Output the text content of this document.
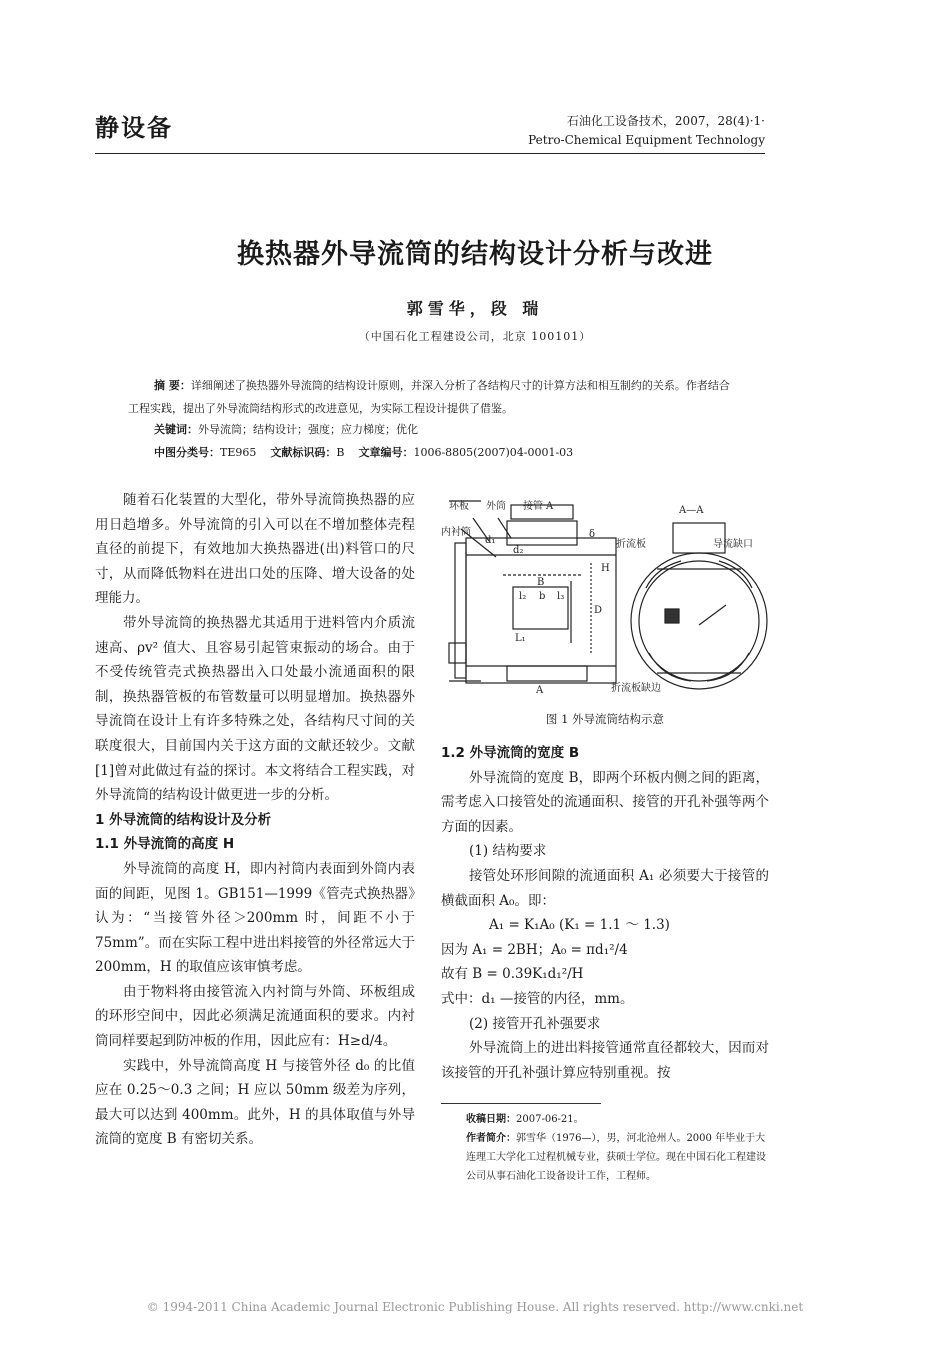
静设备	石油化工设备技术，2007，28(4)·1·
Petro-Chemical Equipment Technology
换热器外导流筒的结构设计分析与改进
郭雪华，段 瑞
（中国石化工程建设公司，北京 100101）
摘 要：详细阐述了换热器外导流筒的结构设计原则，并深入分析了各结构尺寸的计算方法和相互制约的关系。作者结合工程实践，提出了外导流筒结构形式的改进意见，为实际工程设计提供了借鉴。
关键词：外导流筒；结构设计；强度；应力梯度；优化
中图分类号：TE965 文献标识码：B 文章编号：1006-8805(2007)04-0001-03

随着石化装置的大型化，带外导流筒换热器的应用日趋增多。外导流筒的引入可以在不增加整体壳程直径的前提下，有效地加大换热器进(出)料管口的尺寸，从而降低物料在进出口处的压降、增大设备的处理能力。

带外导流筒的换热器尤其适用于进料管内介质流速高、ρv² 值大、且容易引起管束振动的场合。由于不受传统管壳式换热器出入口处最小流通面积的限制，换热器管板的布管数量可以明显增加。换热器外导流筒在设计上有许多特殊之处，各结构尺寸间的关联度很大，目前国内关于这方面的文献还较少。文献[1]曾对此做过有益的探讨。本文将结合工程实践，对外导流筒的结构设计做更进一步的分析。

1 外导流筒的结构设计及分析

1.1 外导流筒的高度 H

外导流筒的高度 H，即内衬筒内表面到外筒内表面的间距，见图 1。GB151—1999《管壳式换热器》认为：“当接管外径＞200mm 时，间距不小于 75mm”。而在实际工程中进出料接管的外径常远大于 200mm，H 的取值应该审慎考虑。

由于物料将由接管流入内衬筒与外筒、环板组成的环形空间中，因此必须满足流通面积的要求。内衬筒同样要起到防冲板的作用，因此应有：H≥d/4。

实践中，外导流筒高度 H 与接管外径 d₀ 的比值应在 0.25～0.3 之间；H 应以 50mm 级差为序列，最大可以达到 400mm。此外，H 的具体取值与外导流筒的宽度 B 有密切关系。

环板 外筒 接管 A
内衬筒
A—A
折流板	导流缺口
折流板缺边
A
d₁
d₂
l₂ b l₃
L₁
B
H
D
δ
图 1 外导流筒结构示意

1.2 外导流筒的宽度 B

外导流筒的宽度 B，即两个环板内侧之间的距离，需考虑入口接管处的流通面积、接管的开孔补强等两个方面的因素。

(1) 结构要求

接管处环形间隙的流通面积 A₁ 必须要大于接管的横截面积 A₀。即：

A₁ = K₁A₀ (K₁ = 1.1 ～ 1.3)

因为 A₁ = 2BH；A₀ = πd₁²/4

故有 B = 0.39K₁d₁²/H

式中：d₁ —接管的内径，mm。

(2) 接管开孔补强要求

外导流筒上的进出料接管通常直径都较大，因而对该接管的开孔补强计算应特别重视。按

收稿日期：2007-06-21。
作者简介：郭雪华（1976—），男，河北沧州人。2000 年毕业于大连理工大学化工过程机械专业，获硕士学位。现在中国石化工程建设公司从事石油化工设备设计工作，工程师。
© 1994-2011 China Academic Journal Electronic Publishing House. All rights reserved. http://www.cnki.net
